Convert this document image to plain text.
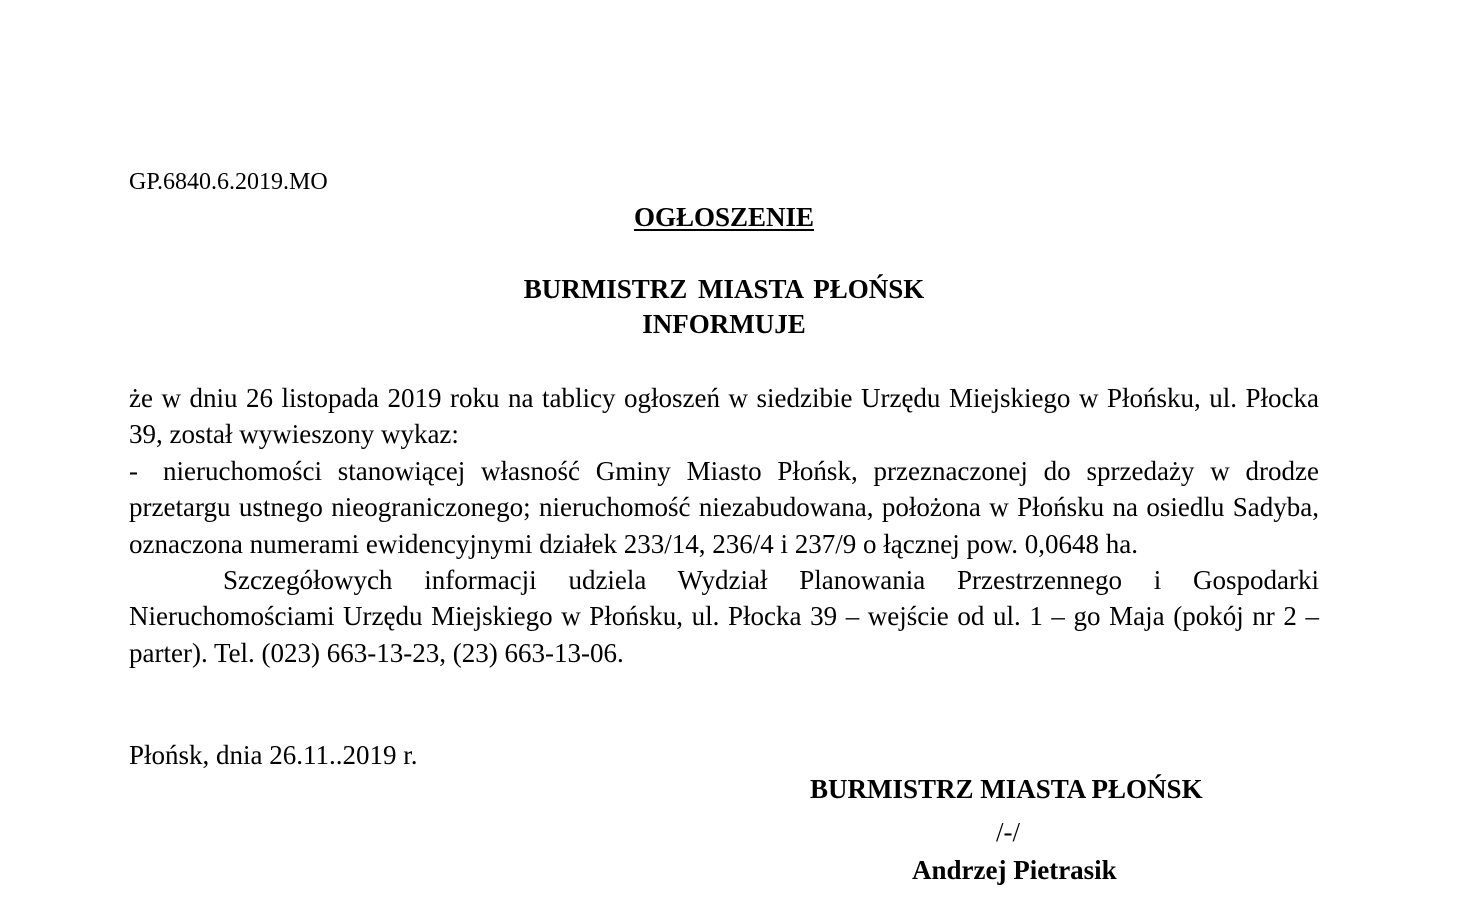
GP.6840.6.2019.MO
OGŁOSZENIE
BURMISTRZ MIASTA PŁOŃSK
INFORMUJE

że w dniu 26 listopada 2019 roku na tablicy ogłoszeń w siedzibie Urzędu Miejskiego w Płońsku, ul. Płocka 39, został wywieszony wykaz:

- nieruchomości stanowiącej własność Gminy Miasto Płońsk, przeznaczonej do sprzedaży w drodze przetargu ustnego nieograniczonego; nieruchomość niezabudowana, położona w Płońsku na osiedlu Sadyba, oznaczona numerami ewidencyjnymi działek 233/14, 236/4 i 237/9 o łącznej pow. 0,0648 ha.

Szczegółowych informacji udziela Wydział Planowania Przestrzennego i Gospodarki Nieruchomościami Urzędu Miejskiego w Płońsku, ul. Płocka 39 – wejście od ul. 1 – go Maja (pokój nr 2 – parter). Tel. (023) 663-13-23, (23) 663-13-06.

Płońsk, dnia 26.11..2019 r.
BURMISTRZ MIASTA PŁOŃSK
/-/
Andrzej Pietrasik
